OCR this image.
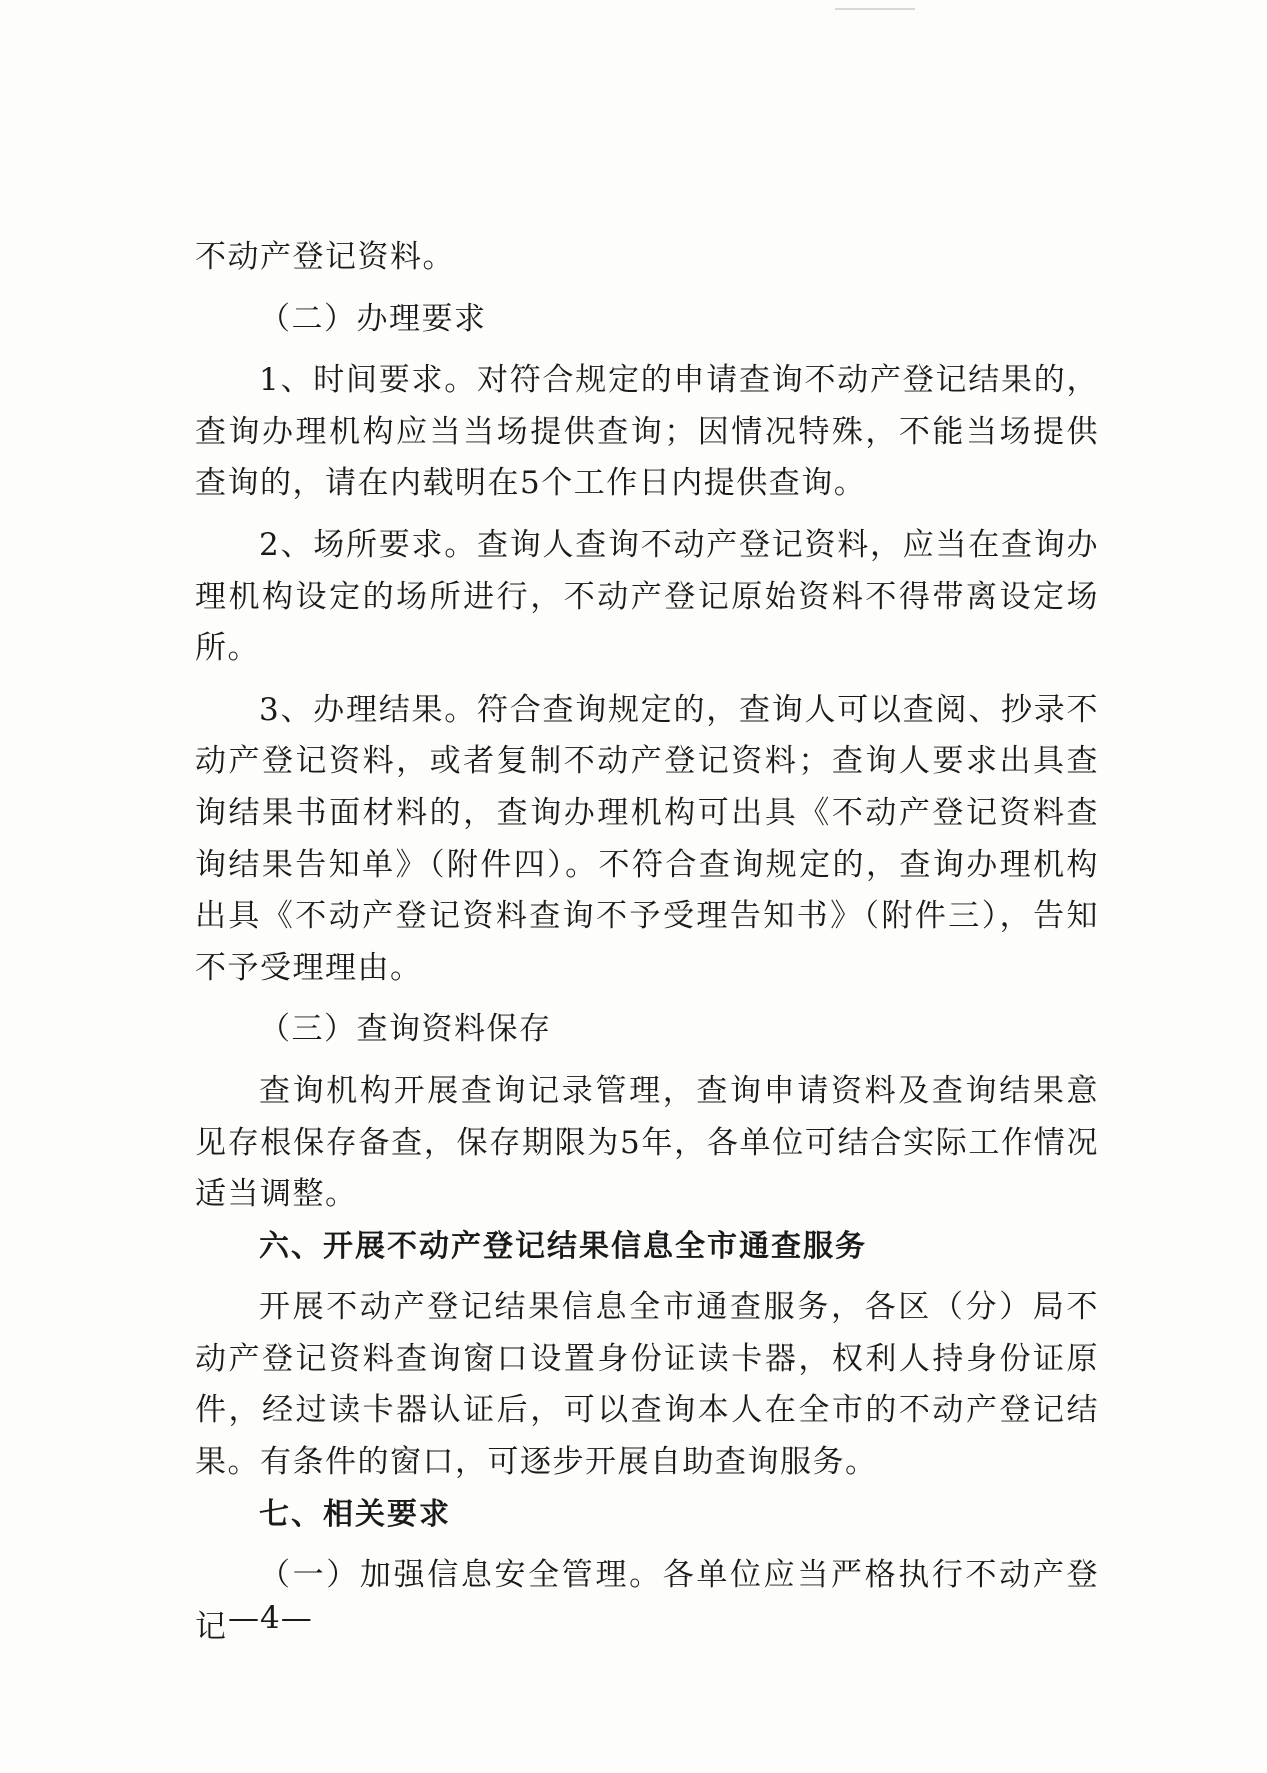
不动产登记资料。

（二）办理要求

1、时间要求。对符合规定的申请查询不动产登记结果的，查询办理机构应当当场提供查询；因情况特殊，不能当场提供查询的，请在内载明在5个工作日内提供查询。

2、场所要求。查询人查询不动产登记资料，应当在查询办理机构设定的场所进行，不动产登记原始资料不得带离设定场所。

3、办理结果。符合查询规定的，查询人可以查阅、抄录不动产登记资料，或者复制不动产登记资料；查询人要求出具查询结果书面材料的，查询办理机构可出具《不动产登记资料查询结果告知单》（附件四）。不符合查询规定的，查询办理机构出具《不动产登记资料查询不予受理告知书》（附件三），告知不予受理理由。

（三）查询资料保存

查询机构开展查询记录管理，查询申请资料及查询结果意见存根保存备查，保存期限为5年，各单位可结合实际工作情况适当调整。

六、开展不动产登记结果信息全市通查服务

开展不动产登记结果信息全市通查服务，各区（分）局不动产登记资料查询窗口设置身份证读卡器，权利人持身份证原件，经过读卡器认证后，可以查询本人在全市的不动产登记结果。有条件的窗口，可逐步开展自助查询服务。

七、相关要求

（一）加强信息安全管理。各单位应当严格执行不动产登记 —4—
